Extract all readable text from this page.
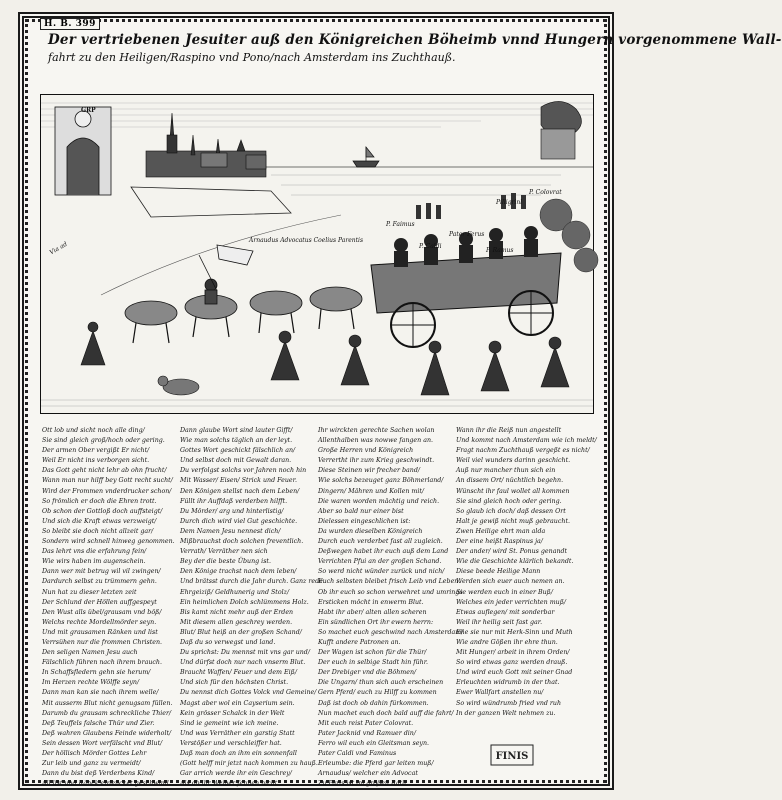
H. B. 399
Der vertriebenen Jesuiter auß den Königreichen Böheimb vnnd Hungern vorgenommene Wall-
fahrt zu den Heiligen/Raspino vnd Pono/nach Amsterdam ins Zuchthauß.
GRP
Via ad
P. Faimus
Pater Ferus
P. Caldi
P. Ramus
P. Colovrat
Pilligrinl
Arnaudus Advocatus Coelius Parentis
Ott lob und sicht noch alle ding/
Sie sind gleich groß/hoch oder gering.
Der armen Ober vergißt Er nicht/
Weil Er nicht ins verborgen sicht.
Das Gott geht nicht lehr ab ohn frucht/
Wann man nur hilff bey Gott recht sucht/
Wird der Frommen vnderdrucker schon/
So frömlich er doch die Ehren trott.
Ob schon der Gottloß doch auffsteigt/
Und sich die Kraft etwas verzweigt/
So bleibt sie doch nicht allzeit gar/
Sondern wird schnell hinweg genommen.
Das lehrt vns die erfahrung fein/
Wie wirs haben im augenschein.
Dann wer mit betrug wil vil zwingen/
Dardurch selbst zu trümmern gehn.
Nun hat zu dieser letzten zeit
Der Schlund der Höllen auffgespeyt
Den Wust alls übel/grausam vnd böß/
Welchs rechte Mordellmörder seyn.
Und mit grausamen Ränken und list
Verrsühen nur die frommen Christen.
Den seligen Namen Jesu auch
Fälschlich führen nach ihrem brauch.
In Schaffsfledern gehn sie herum/
Im Herzen rechte Wölffe seyn/
Dann man kan sie nach ihrem welle/
Mit ausserm Blut nicht genugsam füllen.
Darumb du grausam schreckliche Thier/
Deß Teuffels falsche Thür und Zier.
Deß wahren Glaubens Feinde widerholt/
Sein dessen Wort verfälscht vnd Blut/
Der höllisch Mörder Gottes Lehr
Zur leib und ganz zu vermeidt/
Dann du bist deß Verderbens Kind/
All list und Ränck erdencket geschwind.
Dann glaube Wort sind lauter Gifft/
Wie man solchs täglich an der leyt.
Gottes Wort geschickt fälschlich an/
Und selbst doch mit Gewalt daran.
Du verfolgst solchs vor Jahren noch hin
Mit Wasser/ Eisen/ Strick und Feuer.
Den Königen stellst nach dem Leben/
Füllt ihr Auffdaß verderben hilfft.
Du Mörder/ arg und hinterlistig/
Durch dich wird viel Gut geschichte.
Dem Namen Jesu nennest dich/
Mißbrauchst doch solchen freventlich.
Verrath/ Verräther nen sich
Bey der die beste Übung ist.
Den Könige trachst nach dem leben/
Und brätsst durch die Jahr durch. Ganz rede.
Ehrgeiziß/ Geldhunerig und Stolz/
Ein heimlichen Dolch schlümmens Holz.
Bis kamt nicht mehr auß der Erden
Mit diesem allen geschrey werden.
Blut/ Blut heiß an der großen Schand/
Daß du so verwegst und land.
Du sprichst: Du mennst mit vns gar und/
Und dürfst doch nur nach vnserm Blut.
Braucht Waffen/ Feuer und dem Eiß/
Und sich für den höchsten Christ.
Du nennst dich Gottes Volck vnd Gemeine/
Magst aber wol ein Cayserium sein.
Kein grösser Schalck in der Welt
Sind ie gemeint wie ich meine.
Und was Verräther ein garstig Statt
Verstößer und verschleiffer hat.
Daß man doch an ihm ein sonnenfall
(Gott helff mir jetzt nach kommen zu hauß.
Gar arrich werde ihr ein Geschrey/
Als ob ihr Weiber fennen nicht.
Ihr wirckten gerechte Sachen wolan
Allenthalben was nowwe fangen an.
Große Herren vnd Königreich
Verrertht ihr zum Krieg geschwindt.
Diese Steinen wir frecher band/
Wie solchs bezeuget ganz Böhmerland/
Dingern/ Mähren und Kollen mit/
Die waren worden mächtig und reich.
Aber so bald nur einer bist
Dielessen eingeschlichen ist:
Da wurden dieselben Königreich
Durch euch verderbet fast all zugleich.
Deßwegen habet ihr euch auß dem Land
Verrichten Pfui an der großen Schand.
So werd nicht wünder zurück und nich/
Euch selbsten bleibet frisch Leib vnd Leben.
Ob ihr euch so schon verwehret und umrings
Ersticken möcht in enwerm Blut.
Habt ihr aber/ alten allen scheren
Ein sündlichen Ort ihr ewern herrn:
So machet euch geschwind nach Amsterdam/
Kufft andere Patronen an.
Der Wagen ist schon für die Thür/
Der euch in selbige Stadt hin führ.
Der Drebiger vnd die Böhmen/
Die Ungarn/ thun sich auch erscheinen
Gern Pferd/ euch zu Hilff zu kommen
Daß ist doch ob dahin fürkommen.
Nun machet euch doch bald auff die fahrt/
Mit euch reist Pater Colovrat.
Pater Jacknid vnd Ramuer din/
Ferro wil euch ein Gleitsman seyn.
Pater Caldi vnd Faminus
Erleumbe: die Pferd gar leiten muß/
Arnaudus/ welcher ein Advocat
Zu Paris ist im großen Rath.
Wann ihr die Reiß nun angestellt
Und kommt nach Amsterdam wie ich meldt/
Fragt nachm Zuchthauß vergeßt es nicht/
Weil viel wunders darinn geschicht.
Auß nur mancher thun sich ein
An dissem Ort/ nüchtlich begehn.
Wünscht ihr faul wollet all kommen
Sie sind gleich hoch oder gering.
So glaub ich doch/ daß dessen Ort
Halt je gewiß nicht muß gebraucht.
Zwen Heilige ehrt man alda
Der eine heißt Raspinus ja/
Der ander/ wird St. Ponus genandt
Wie die Geschichte klärlich bekandt.
Diese beede Heilige Mann
Werden sich euer auch nemen an.
Sie werden euch in einer Buß/
Welches ein jeder verrichten muß/
Etwas auflegen/ mit sonderbar
Weil ihr heilig seit fast gar.
Ehe sie nur mit Herk-Sinn und Muth
Wie andre Gößen ihr ehre thun.
Mit Hunger/ arbeit in ihrem Orden/
So wird etwas ganz werden drauß.
Und wird euch Gott mit seiner Gnad
Erleuchten widrumb in der that.
Ewer Wallfart anstellen nu/
So wird wündrumb fried vnd ruh
In der ganzen Welt nehmen zu.
FINIS
